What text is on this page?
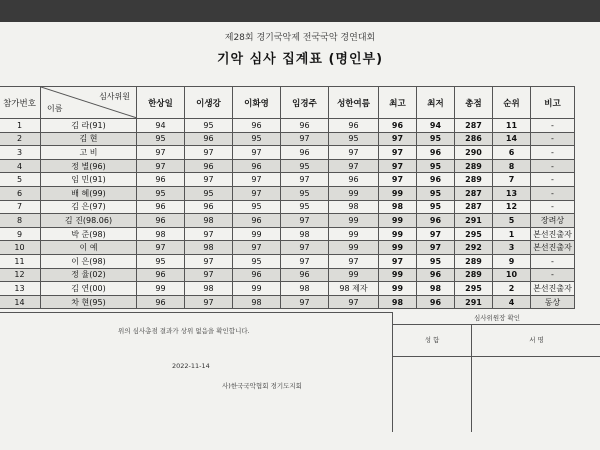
제28회 경기국악제 전국국악 경연대회
기악 심사 집계표 (명인부)
참가번호	심사위원
이름	한상일	이생강	이화영	임경주	성한여름	최고	최저	총점	순위	비고
1	김 라(91)	94	95	96	96	96	96	94	287	11	-
2	김 현	95	96	95	97	95	97	95	286	14	-
3	고 비	97	97	97	96	97	97	96	290	6	-
4	정 별(96)	97	96	96	95	97	97	95	289	8	-
5	임 민(91)	96	97	97	97	96	97	96	289	7	-
6	배 혜(99)	95	95	97	95	99	99	95	287	13	-
7	김 은(97)	96	96	95	95	98	98	95	287	12	-
8	김 진(98.06)	96	98	96	97	99	99	96	291	5	장려상
9	박 준(98)	98	97	99	98	99	99	97	295	1	본선진출자
10	이 예	97	98	97	97	99	99	97	292	3	본선진출자
11	이 은(98)	95	97	95	97	97	97	95	289	9	-
12	정 율(02)	96	97	96	96	99	99	96	289	10	-
13	김 연(00)	99	98	99	98	98 제자	99	98	295	2	본선진출자
14	차 현(95)	96	97	98	97	97	98	96	291	4	동상
위의 심사총점 결과가 상위 없음을 확인합니다.
2022-11-14
사)한국국악협회 경기도지회
심사위원장 확인
성 함	서 명
